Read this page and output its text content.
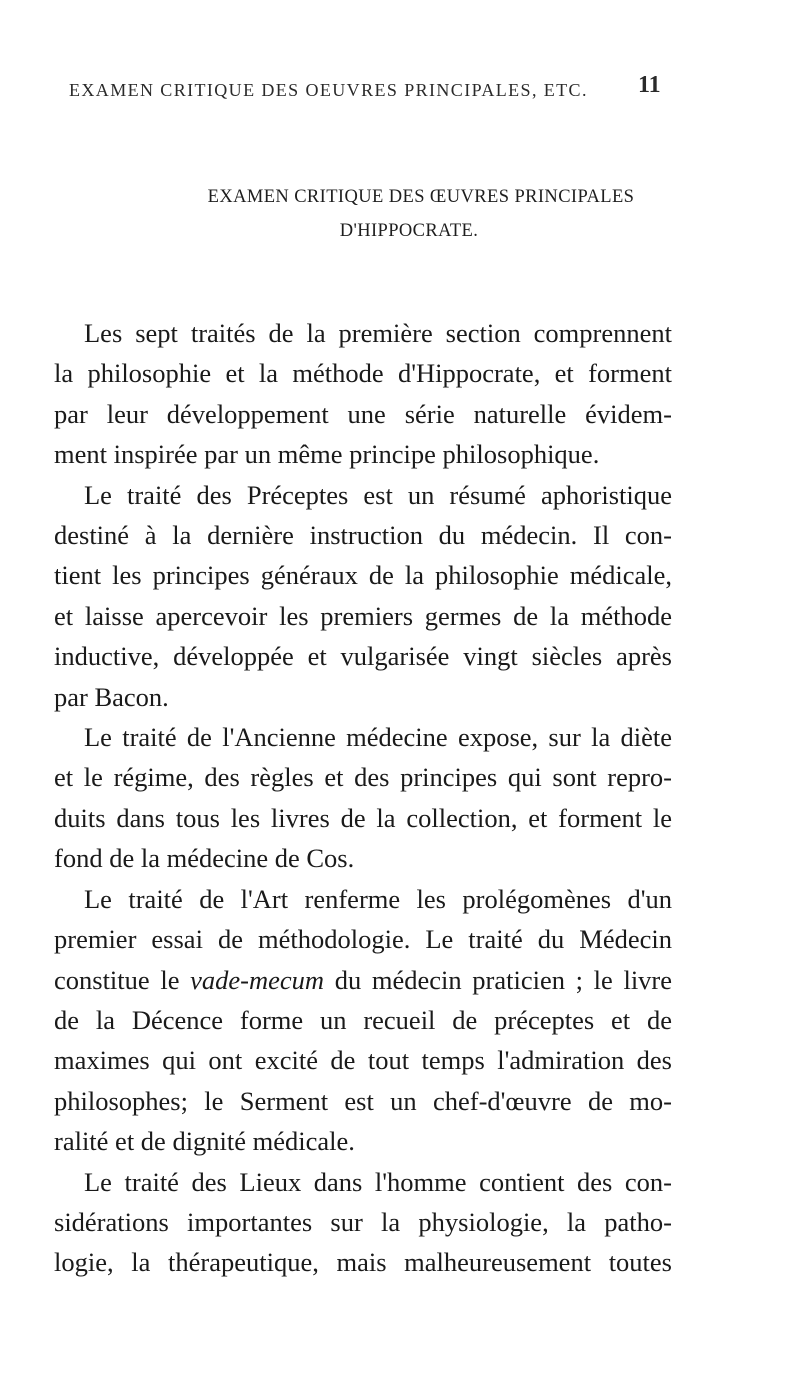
EXAMEN CRITIQUE DES OEUVRES PRINCIPALES, ETC.	11
EXAMEN CRITIQUE DES ŒUVRES PRINCIPALES
D'HIPPOCRATE.
Les sept traités de la première section comprennent
la philosophie et la méthode d'Hippocrate, et forment
par leur développement une série naturelle évidem-
ment inspirée par un même principe philosophique.
Le traité des Préceptes est un résumé aphoristique
destiné à la dernière instruction du médecin. Il con-
tient les principes généraux de la philosophie médicale,
et laisse apercevoir les premiers germes de la méthode
inductive, développée et vulgarisée vingt siècles après
par Bacon.
Le traité de l'Ancienne médecine expose, sur la diète
et le régime, des règles et des principes qui sont repro-
duits dans tous les livres de la collection, et forment le
fond de la médecine de Cos.
Le traité de l'Art renferme les prolégomènes d'un
premier essai de méthodologie. Le traité du Médecin
constitue le vade-mecum du médecin praticien ; le livre
de la Décence forme un recueil de préceptes et de
maximes qui ont excité de tout temps l'admiration des
philosophes; le Serment est un chef-d'œuvre de mo-
ralité et de dignité médicale.
Le traité des Lieux dans l'homme contient des con-
sidérations importantes sur la physiologie, la patho-
logie, la thérapeutique, mais malheureusement toutes
